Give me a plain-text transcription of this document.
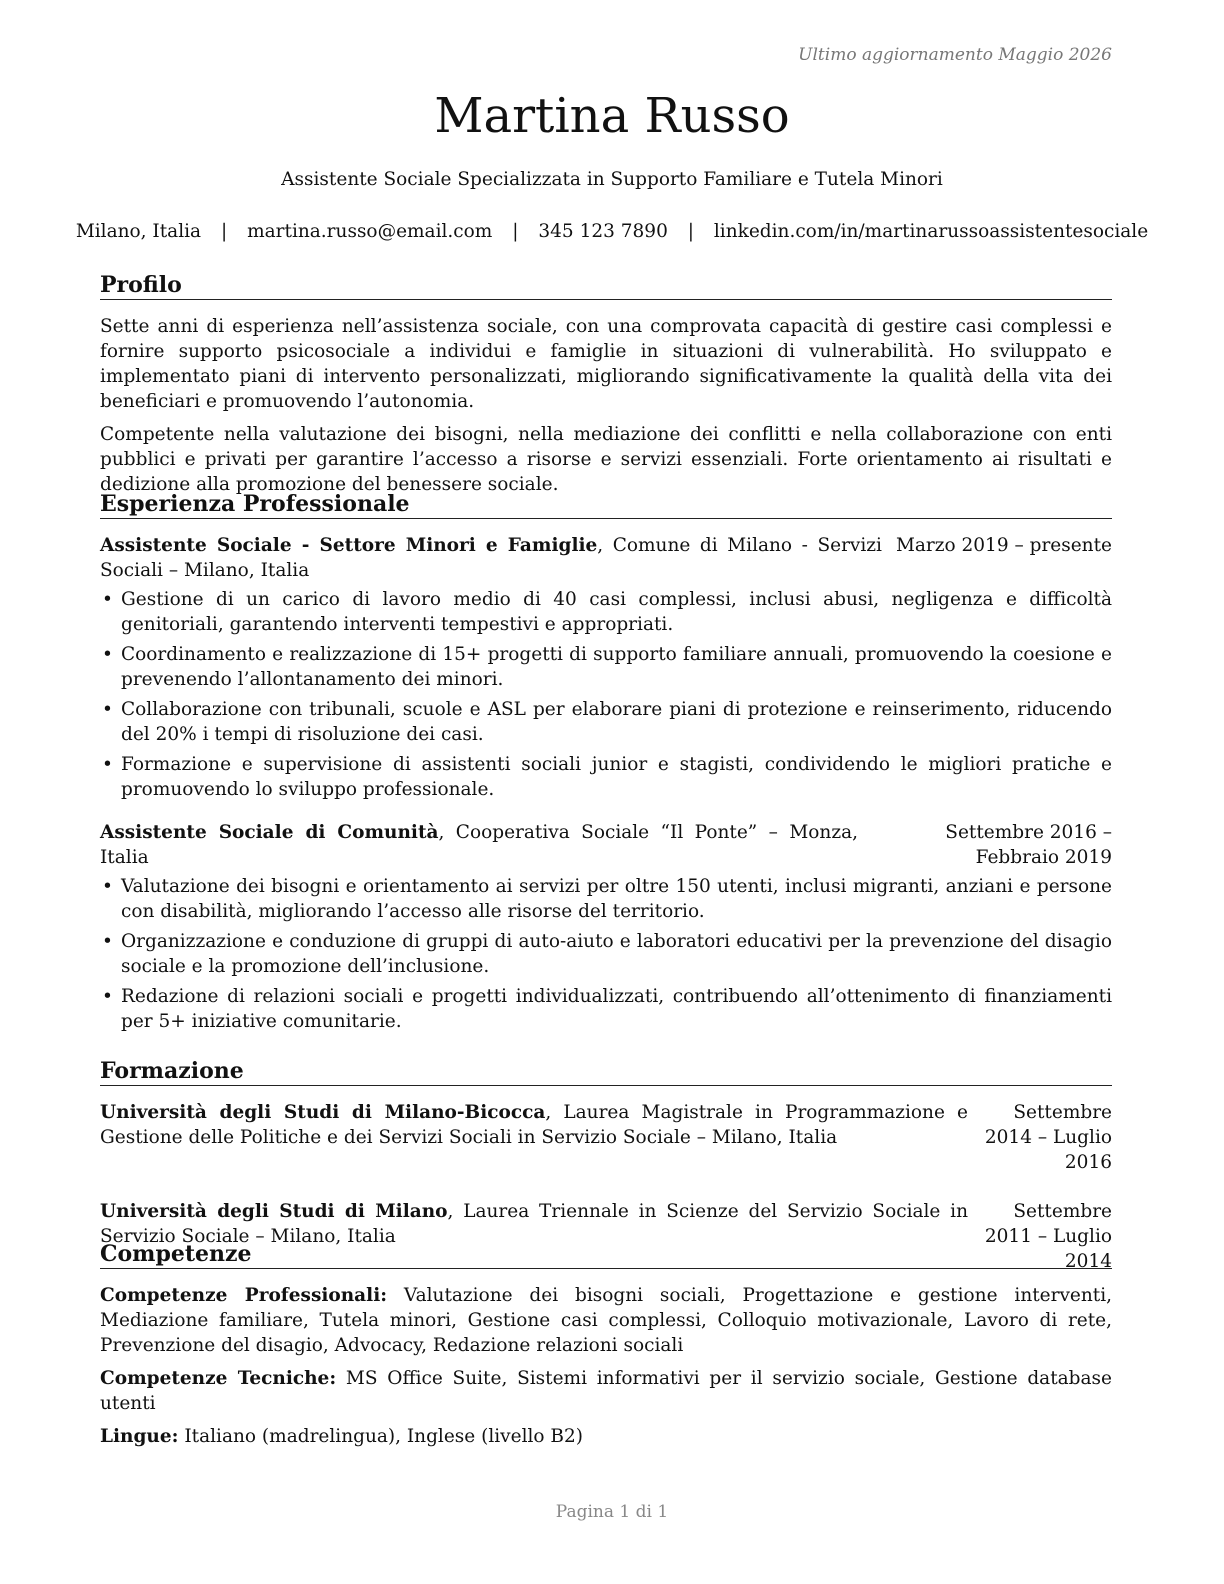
Ultimo aggiornamento Maggio 2026
Martina Russo
Assistente Sociale Specializzata in Supporto Familiare e Tutela Minori
Milano, Italia | martina.russo@email.com | 345 123 7890 | linkedin.com/in/martinarussoassistentesociale
Profilo

Sette anni di esperienza nell’assistenza sociale, con una comprovata capacità di gestire casi complessi e fornire supporto psicosociale a individui e famiglie in situazioni di vulnerabilità. Ho sviluppato e implementato piani di intervento personalizzati, migliorando significativamente la qualità della vita dei beneficiari e promuovendo l’autonomia.

Competente nella valutazione dei bisogni, nella mediazione dei conflitti e nella collaborazione con enti pubblici e privati per garantire l’accesso a risorse e servizi essenziali. Forte orientamento ai risultati e dedizione alla promozione del benessere sociale.

Esperienza Professionale
Assistente Sociale - Settore Minori e Famiglie, Comune di Milano - Servizi Sociali – Milano, Italia
Marzo 2019 – presente
• Gestione di un carico di lavoro medio di 40 casi complessi, inclusi abusi, negligenza e difficoltà genitoriali, garantendo interventi tempestivi e appropriati.
• Coordinamento e realizzazione di 15+ progetti di supporto familiare annuali, promuovendo la coesione e prevenendo l’allontanamento dei minori.
• Collaborazione con tribunali, scuole e ASL per elaborare piani di protezione e reinserimento, riducendo del 20% i tempi di risoluzione dei casi.
• Formazione e supervisione di assistenti sociali junior e stagisti, condividendo le migliori pratiche e promuovendo lo sviluppo professionale.
Assistente Sociale di Comunità, Cooperativa Sociale “Il Ponte” – Monza, Italia
Settembre 2016 – Febbraio 2019
• Valutazione dei bisogni e orientamento ai servizi per oltre 150 utenti, inclusi migranti, anziani e persone con disabilità, migliorando l’accesso alle risorse del territorio.
• Organizzazione e conduzione di gruppi di auto-aiuto e laboratori educativi per la prevenzione del disagio sociale e la promozione dell’inclusione.
• Redazione di relazioni sociali e progetti individualizzati, contribuendo all’ottenimento di finanziamenti per 5+ iniziative comunitarie.
Formazione
Università degli Studi di Milano-Bicocca, Laurea Magistrale in Programmazione e Gestione delle Politiche e dei Servizi Sociali in Servizio Sociale – Milano, Italia
Settembre 2014 – Luglio 2016
Università degli Studi di Milano, Laurea Triennale in Scienze del Servizio Sociale in Servizio Sociale – Milano, Italia
Settembre 2011 – Luglio 2014
Competenze

Competenze Professionali: Valutazione dei bisogni sociali, Progettazione e gestione interventi, Mediazione familiare, Tutela minori, Gestione casi complessi, Colloquio motivazionale, Lavoro di rete, Prevenzione del disagio, Advocacy, Redazione relazioni sociali

Competenze Tecniche: MS Office Suite, Sistemi informativi per il servizio sociale, Gestione database utenti

Lingue: Italiano (madrelingua), Inglese (livello B2)

Pagina 1 di 1
